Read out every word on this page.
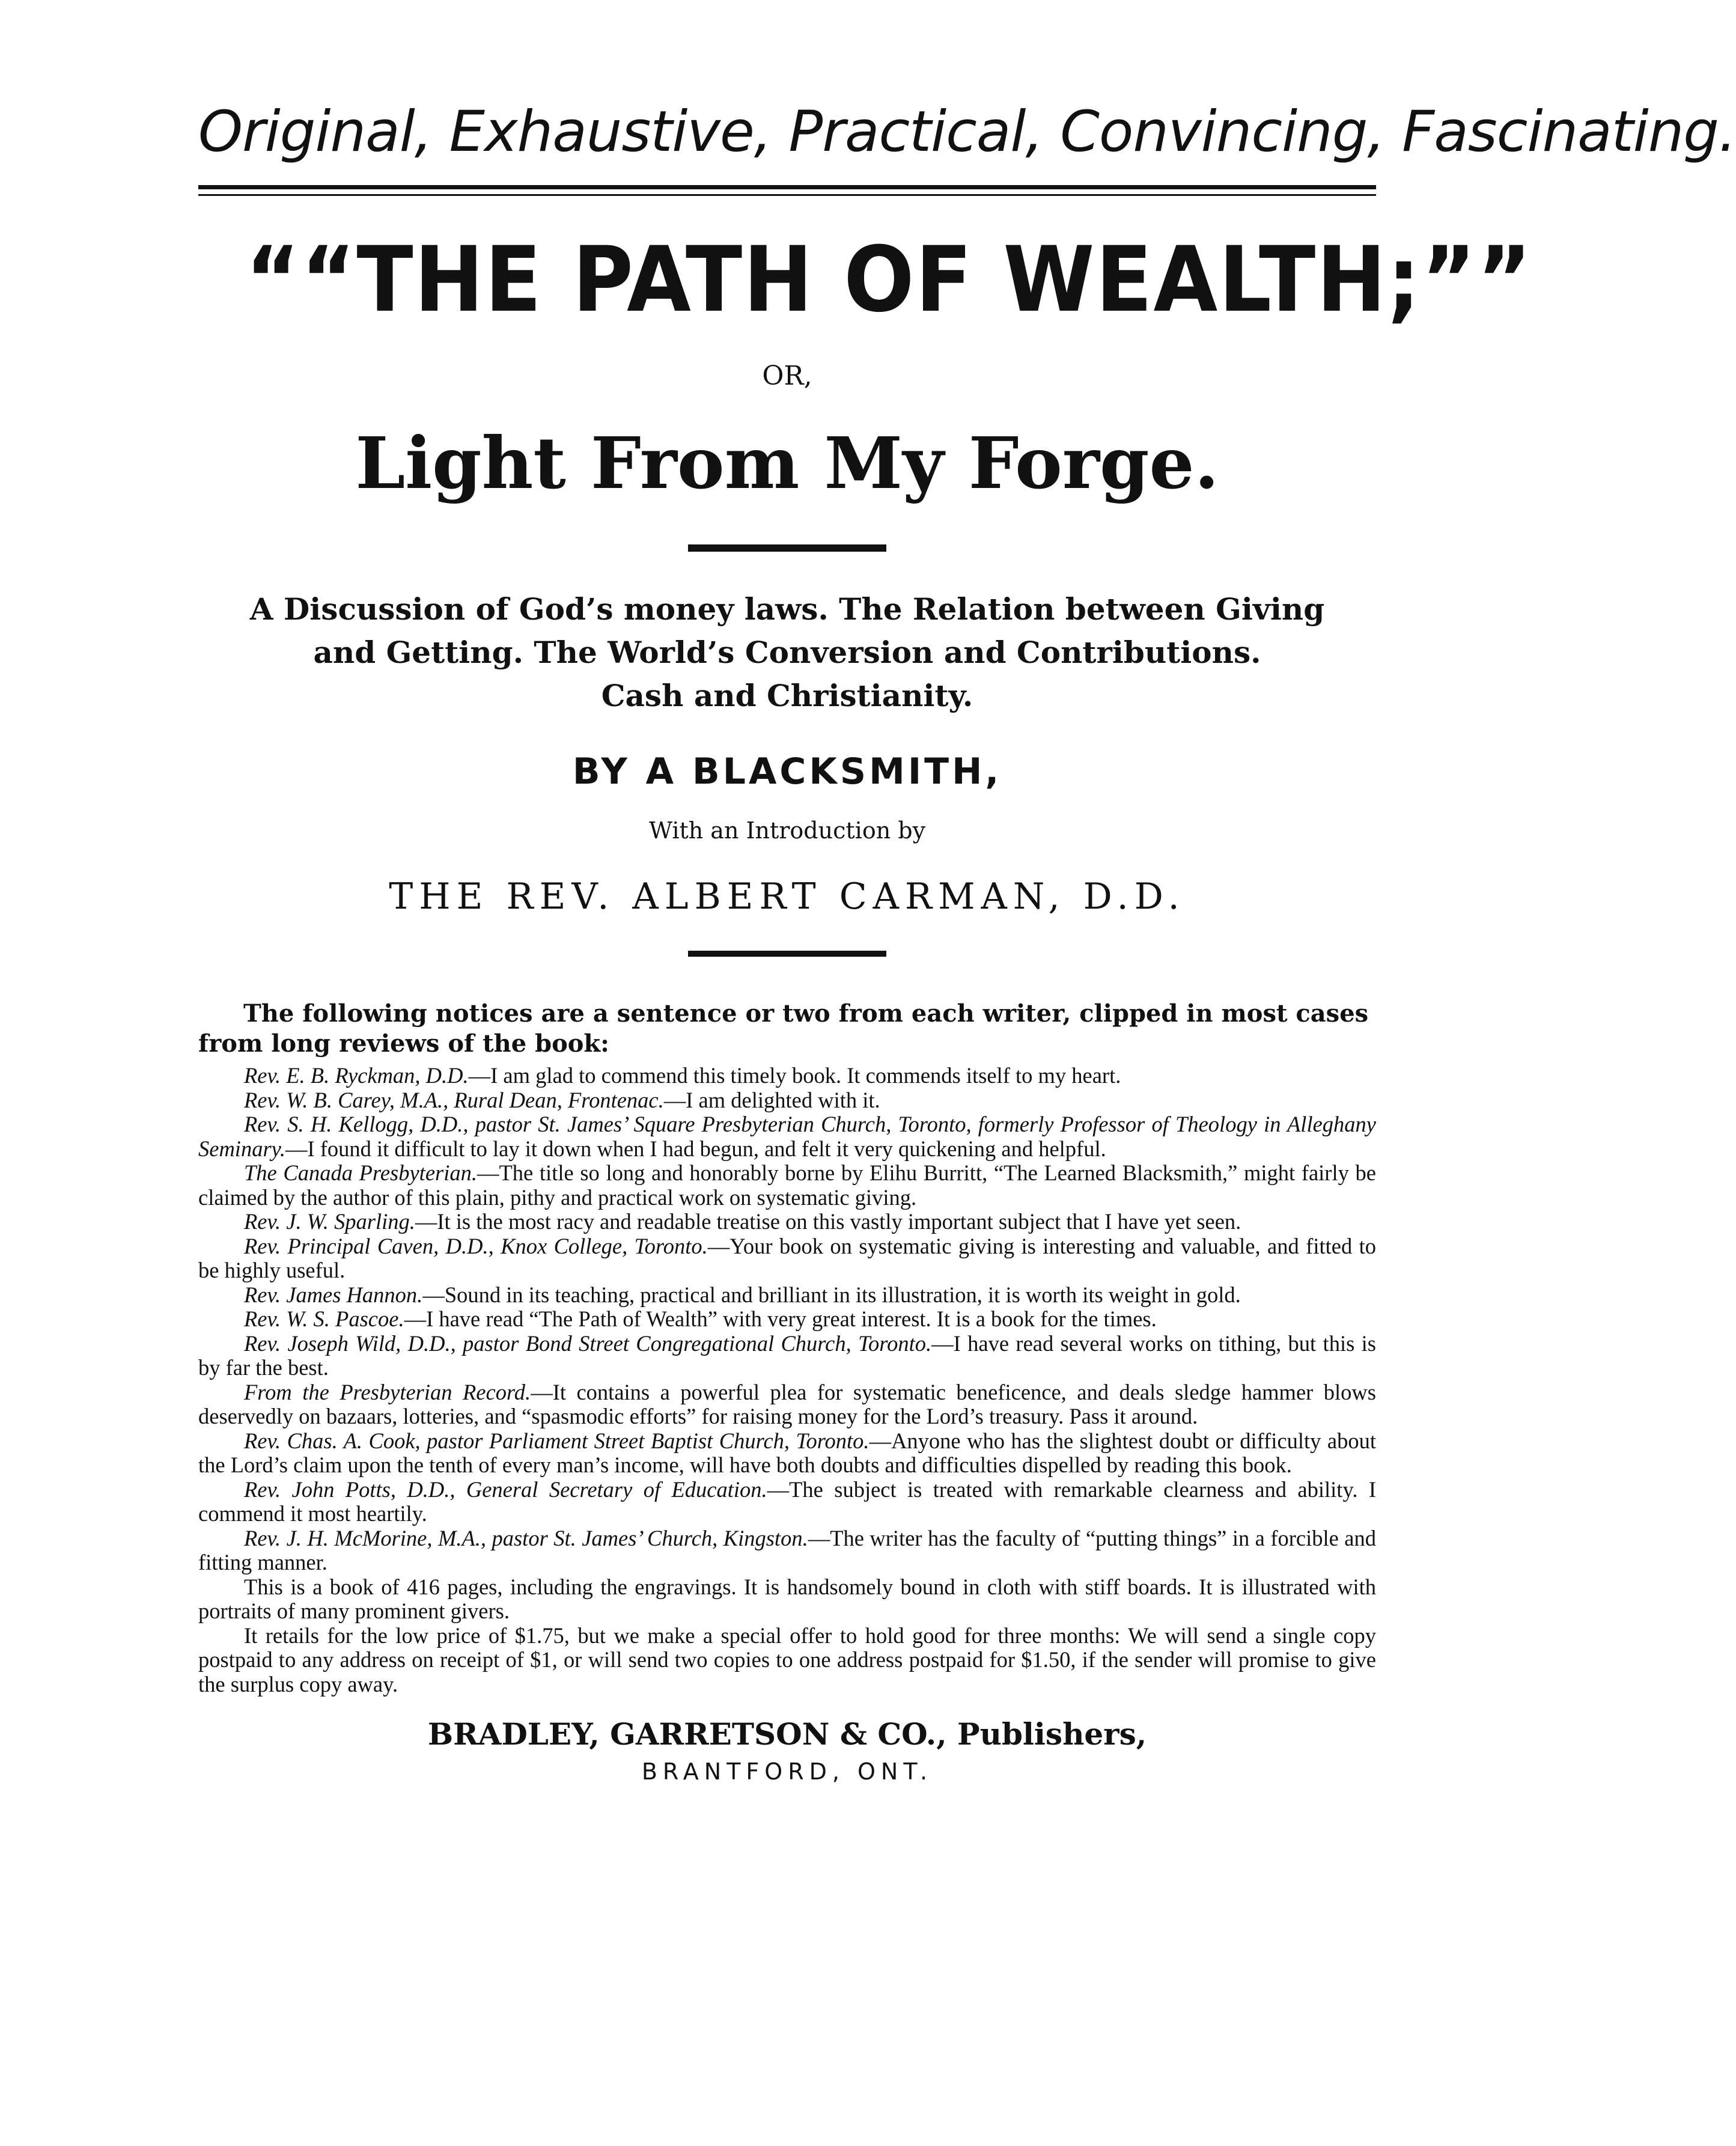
Original, Exhaustive, Practical, Convincing, Fascinating.
““THE PATH OF WEALTH;””
OR,
Light From My Forge.
A Discussion of God’s money laws. The Relation between Giving
and Getting. The World’s Conversion and Contributions.
Cash and Christianity.
BY A BLACKSMITH,
With an Introduction by
THE REV. ALBERT CARMAN, D.D.
The following notices are a sentence or two from each writer, clipped in most cases
from long reviews of the book:

Rev. E. B. Ryckman, D.D.—I am glad to commend this timely book. It commends itself to my heart.

Rev. W. B. Carey, M.A., Rural Dean, Frontenac.—I am delighted with it.

Rev. S. H. Kellogg, D.D., pastor St. James’ Square Presbyterian Church, Toronto, formerly Professor of Theology in Alleghany Seminary.—I found it difficult to lay it down when I had begun, and felt it very quickening and helpful.

The Canada Presbyterian.—The title so long and honorably borne by Elihu Burritt, “The Learned Blacksmith,” might fairly be claimed by the author of this plain, pithy and practical work on systematic giving.

Rev. J. W. Sparling.—It is the most racy and readable treatise on this vastly important subject that I have yet seen.

Rev. Principal Caven, D.D., Knox College, Toronto.—Your book on systematic giving is interesting and valuable, and fitted to be highly useful.

Rev. James Hannon.—Sound in its teaching, practical and brilliant in its illustration, it is worth its weight in gold.

Rev. W. S. Pascoe.—I have read “The Path of Wealth” with very great interest. It is a book for the times.

Rev. Joseph Wild, D.D., pastor Bond Street Congregational Church, Toronto.—I have read several works on tithing, but this is by far the best.

From the Presbyterian Record.—It contains a powerful plea for systematic beneficence, and deals sledge hammer blows deservedly on bazaars, lotteries, and “spasmodic efforts” for raising money for the Lord’s treasury. Pass it around.

Rev. Chas. A. Cook, pastor Parliament Street Baptist Church, Toronto.—Anyone who has the slightest doubt or difficulty about the Lord’s claim upon the tenth of every man’s income, will have both doubts and difficulties dispelled by reading this book.

Rev. John Potts, D.D., General Secretary of Education.—The subject is treated with remarkable clearness and ability. I commend it most heartily.

Rev. J. H. McMorine, M.A., pastor St. James’ Church, Kingston.—The writer has the faculty of “putting things” in a forcible and fitting manner.

This is a book of 416 pages, including the engravings. It is handsomely bound in cloth with stiff boards. It is illustrated with portraits of many prominent givers.

It retails for the low price of $1.75, but we make a special offer to hold good for three months: We will send a single copy postpaid to any address on receipt of $1, or will send two copies to one address postpaid for $1.50, if the sender will promise to give the surplus copy away.

BRADLEY, GARRETSON & CO., Publishers,
BRANTFORD, ONT.
